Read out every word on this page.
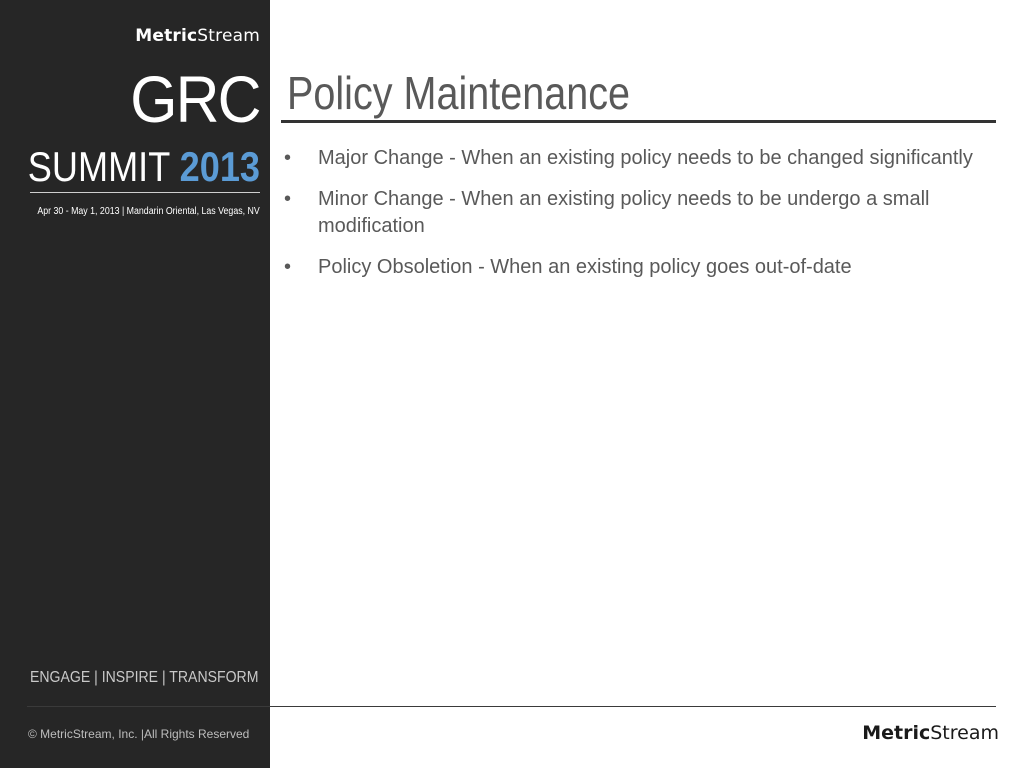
MetricStream
GRC
SUMMIT 2013
Apr 30 - May 1, 2013 | Mandarin Oriental, Las Vegas, NV
ENGAGE | INSPIRE | TRANSFORM
© MetricStream, Inc. |All Rights Reserved
Policy Maintenance
• Major Change - When an existing policy needs to be changed significantly
• Minor Change - When an existing policy needs to be undergo a small modification
• Policy Obsoletion - When an existing policy goes out-of-date
MetricStream
